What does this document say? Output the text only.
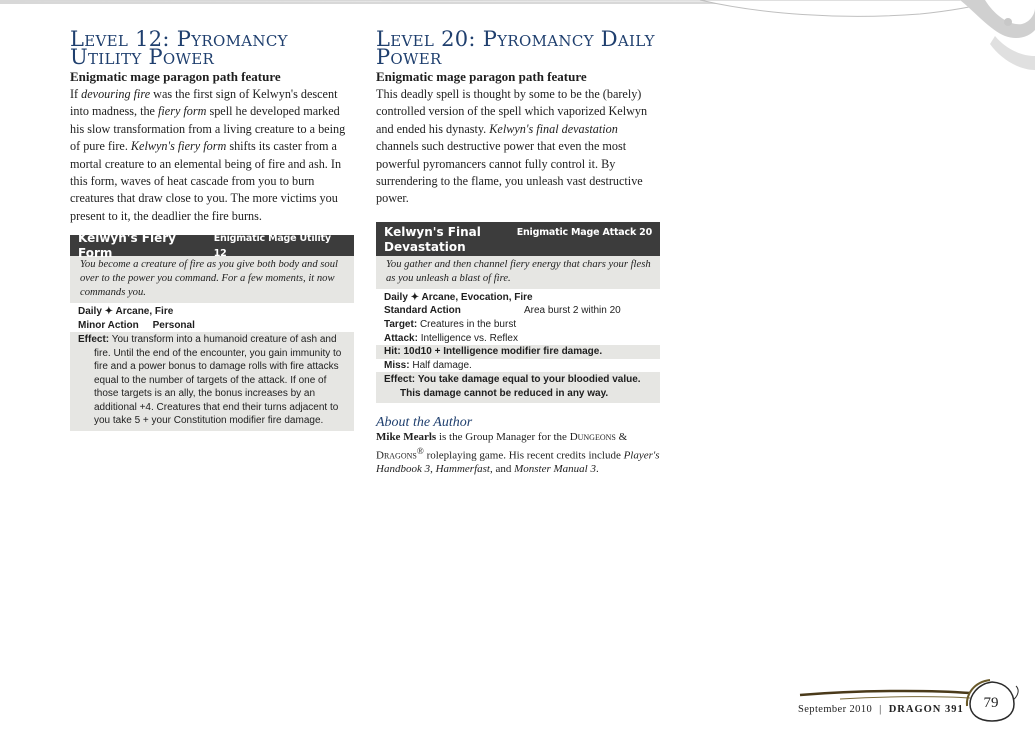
Level 12: Pyromancy
Utility Power
Enigmatic mage paragon path feature

If devouring fire was the first sign of Kelwyn's descent into madness, the fiery form spell he developed marked his slow transformation from a living creature to a being of pure fire. Kelwyn's fiery form shifts its caster from a mortal creature to an elemental being of fire and ash. In this form, waves of heat cascade from you to burn creatures that draw close to you. The more victims you present to it, the deadlier the fire burns.

Kelwyn's Fiery Form
Enigmatic Mage Utility 12
You become a creature of fire as you give both body and soul over to the power you command. For a few moments, it now commands you.
Daily ✦ Arcane, Fire
Minor Action Personal
Effect: You transform into a humanoid creature of ash and fire. Until the end of the encounter, you gain immunity to fire and a power bonus to damage rolls with fire attacks equal to the number of targets of the attack. If one of those targets is an ally, the bonus increases by an additional +4. Creatures that end their turns adjacent to you take 5 + your Constitution modifier fire damage.
Level 20: Pyromancy Daily
Power
Enigmatic mage paragon path feature

This deadly spell is thought by some to be the (barely) controlled version of the spell which vaporized Kelwyn and ended his dynasty. Kelwyn's final devastation channels such destructive power that even the most powerful pyromancers cannot fully control it. By surrendering to the flame, you unleash vast destructive power.

Kelwyn's Final Devastation
Enigmatic Mage Attack 20
You gather and then channel fiery energy that chars your flesh as you unleash a blast of fire.
Daily ✦ Arcane, Evocation, Fire
Standard Action	Area burst 2 within 20
Target: Creatures in the burst
Attack: Intelligence vs. Reflex
Hit: 10d10 + Intelligence modifier fire damage.
Miss: Half damage.
Effect: You take damage equal to your bloodied value. This damage cannot be reduced in any way.
About the Author

Mike Mearls is the Group Manager for the Dungeons & Dragons® roleplaying game. His recent credits include Player's Handbook 3, Hammerfast, and Monster Manual 3.

September 2010 | DRAGON 391	79
